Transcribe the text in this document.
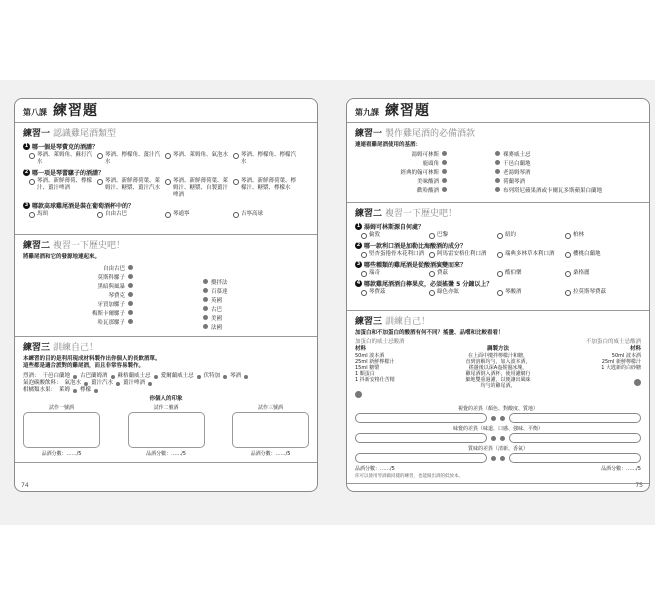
第八課 練習題
練習一 認識雞尾酒類型
1 哪一個是琴費克的酒譜？
琴酒、萊姆角、蘇打汽水
琴酒、檸檬角、薑汁汽水
琴酒、萊姆角、氣泡水 琴酒、檸檬角、檸檬汽水
2 哪一項是琴蕾騾子的酒譜？
琴酒、新鮮薄荷、檸檬汁、薑汁啤酒
琴酒、新鮮薄荷葉、萊姆汁、糖漿、薑汁汽水
琴酒、新鮮薄荷葉、萊姆汁、糖漿、自製薑汁啤酒
琴酒、新鮮薄荷葉、檸檬汁、糖漿、檸檬水
3 哪款高球雞尾酒是裝在葡萄酒杯中的？
馬頸	自由古巴	琴通寧	吉寧高球
練習二 複習一下歷史吧！
將雞尾酒和它的發源地連起來。
自由古巴
莫斯科騾子
黑暗與風暴
琴費克
牙買加騾子
梅斯卡爾騾子
哈瓦那騾子
攪拌法
百慕達
英國
古巴
美國
法國
練習三 訓練自己！
本練習的目的是利用現成材料製作出你個人的長飲酒單。
這些都是適合派對的雞尾酒，而且非常容易製作。
烈酒： 干邑白蘭地 古巴蘭姆酒 蘇格蘭威士忌 愛爾蘭威士忌 伏特加 琴酒
氣泡碳酸飲料： 氣泡水 薑汁汽水 薑汁啤酒
柑橘類水果： 萊姆 檸檬
你個人的印象
試作一號酒
品酒分數：……/5
試作二號酒
品酒分數：……/5
試作三號酒
品酒分數：……/5
74
第九課 練習題
練習一 製作雞尾酒的必備酒款
連連看雞尾酒使用的基酒：
湯姆可林斯
鹿頭角
經典的翰可林斯
美味酸酒
歡哈酸酒
裸麥威士忌
干邑白蘭地
老湯姆琴酒
荷蘭琴酒
布列塔尼蘋果酒或卡爾瓦多斯蘋果白蘭地
練習二 複習一下歷史吧！
1 湯姆可林斯源自何處？
倫敦	巴黎	紐約	柏林
2 哪一款利口酒是加勒比海酸酒的成分？
堅杏蛋捲骨木花利口酒 阿馬雷安格仕利口酒	瑞典多林草本利口酒	櫻桃白蘭地
3 哪些種類的雞尾酒是從酸酒演變而來？
瑞奇	費茲	酷伯樂	桑格麗
4 哪款雞尾酒酒白檸果皮，必須搖盪 5 分鐘以上？
琴費茲	綠色亦眩	琴酸酒	拉莫斯琴費茲
練習三 訓練自己！
加蛋白和不加蛋白的酸酒有何不同？搖盪、品嚐和比較看看！
加蛋白的威士忌酸酒	不加蛋白的威士忌酸酒
材料
50ml 波本酒
25ml 新鮮檸檬汁
15ml 糖漿
1 顆蛋白
1 抖新安格仕苦精
調製方法
在上面中攪拌檸檬汁和糖，
直到溶解均勻，加入波本酒，
搖盪後以深A盎搖盪冰塊，
雞尾酒倒入酒杯，使用濾網行
細地雙重過濾，以便讓出風味
均勻的雞尾酒。
材料
50ml 波本酒
25ml 新鮮檸檬汁
1 大匙新的白砂糖
視覺的差異（顏色、對酸度、質地）
味覺的差異（味道、口感、強味、平衡）
質味的差異（清新、香氣）
品酒分數：……/5	品酒分數：……/5
你可以使用琴酒做同樣的練習，也能做出酒的低放本。
75
